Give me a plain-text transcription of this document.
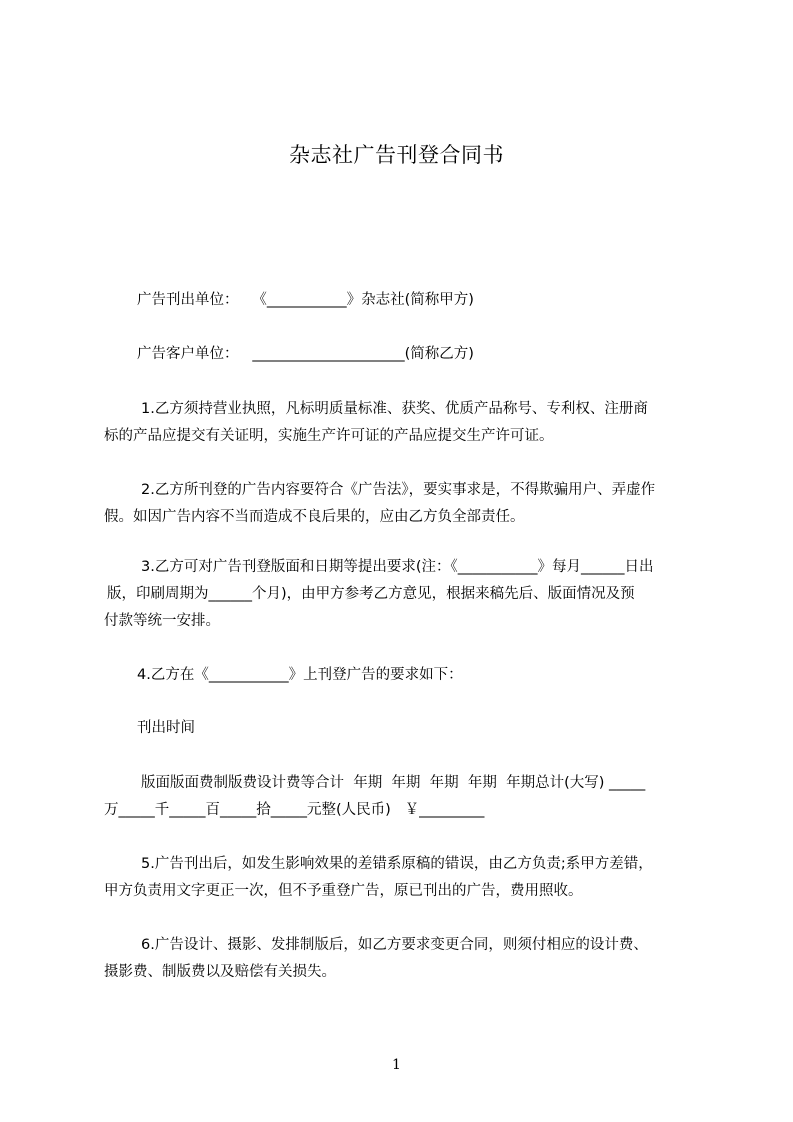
杂志社广告刊登合同书

广告刊出单位：   《___________》杂志社(简称甲方)

广告客户单位：   _____________________(简称乙方)

1.乙方须持营业执照，凡标明质量标准、获奖、优质产品称号、专利权、注册商

标的产品应提交有关证明，实施生产许可证的产品应提交生产许可证。

2.乙方所刊登的广告内容要符合《广告法》，要实事求是，不得欺骗用户、弄虚作

假。如因广告内容不当而造成不良后果的，应由乙方负全部责任。

3.乙方可对广告刊登版面和日期等提出要求(注：《___________》每月______日出

版，印刷周期为______个月)，由甲方参考乙方意见，根据来稿先后、版面情况及预

付款等统一安排。

4.乙方在《___________》上刊登广告的要求如下：

刊出时间

版面版面费制版费设计费等合计  年期  年期  年期  年期  年期总计(大写) _____

万_____千_____百_____拾_____元整(人民币)   ￥_________

5.广告刊出后，如发生影响效果的差错系原稿的错误，由乙方负责;系甲方差错，

甲方负责用文字更正一次，但不予重登广告，原已刊出的广告，费用照收。

6.广告设计、摄影、发排制版后，如乙方要求变更合同，则须付相应的设计费、

摄影费、制版费以及赔偿有关损失。

1
